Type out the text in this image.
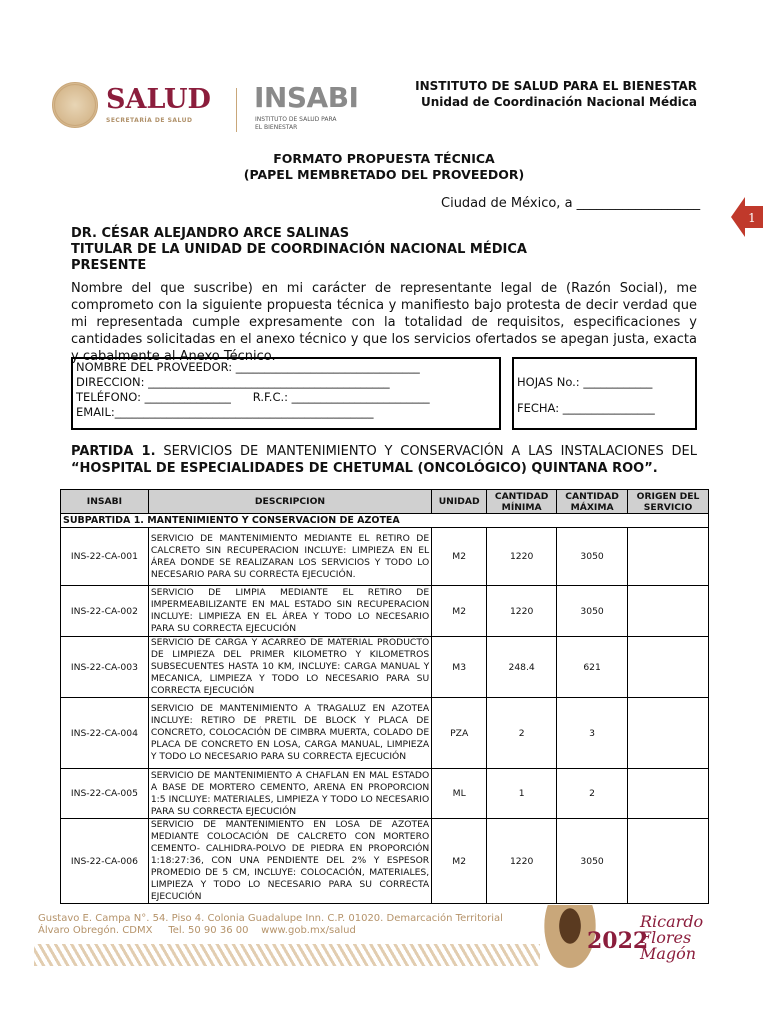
SALUD
SECRETARÍA DE SALUD
INSABI
INSTITUTO DE SALUD PARA EL BIENESTAR
INSTITUTO DE SALUD PARA EL BIENESTAR
Unidad de Coordinación Nacional Médica
FORMATO PROPUESTA TÉCNICA
(PAPEL MEMBRETADO DEL PROVEEDOR)
Ciudad de México, a ___________________
1
DR. CÉSAR ALEJANDRO ARCE SALINAS
TITULAR DE LA UNIDAD DE COORDINACIÓN NACIONAL MÉDICA
PRESENTE
Nombre del que suscribe) en mi carácter de representante legal de (Razón Social), me comprometo con la siguiente propuesta técnica y manifiesto bajo protesta de decir verdad que mi representada cumple expresamente con la totalidad de requisitos, especificaciones y cantidades solicitadas en el anexo técnico y que los servicios ofertados se apegan justa, exacta y cabalmente al Anexo Técnico.
NOMBRE DEL PROVEEDOR: ________________________________
DIRECCION: __________________________________________
TELÉFONO: _______________      R.F.C.: ________________________
EMAIL:_____________________________________________
HOJAS No.: ____________
FECHA: ________________
PARTIDA 1. SERVICIOS DE MANTENIMIENTO Y CONSERVACIÓN A LAS INSTALACIONES DEL “HOSPITAL DE ESPECIALIDADES DE CHETUMAL (ONCOLÓGICO) QUINTANA ROO”.
INSABI	DESCRIPCION	UNIDAD	CANTIDAD MÍNIMA	CANTIDAD MÁXIMA	ORIGEN DEL SERVICIO
SUBPARTIDA 1. MANTENIMIENTO Y CONSERVACION DE AZOTEA					
INS-22-CA-001	SERVICIO DE MANTENIMIENTO MEDIANTE EL RETIRO DE CALCRETO SIN RECUPERACION INCLUYE: LIMPIEZA EN EL ÁREA DONDE SE REALIZARAN LOS SERVICIOS Y TODO LO NECESARIO PARA SU CORRECTA EJECUCIÓN.	M2	1220	3050	
INS-22-CA-002	SERVICIO DE LIMPIA MEDIANTE EL RETIRO DE IMPERMEABILIZANTE EN MAL ESTADO SIN RECUPERACION INCLUYE: LIMPIEZA EN EL ÁREA Y TODO LO NECESARIO PARA SU CORRECTA EJECUCIÓN	M2	1220	3050	
INS-22-CA-003	SERVICIO DE CARGA Y ACARREO DE MATERIAL PRODUCTO DE LIMPIEZA DEL PRIMER KILOMETRO Y KILOMETROS SUBSECUENTES HASTA 10 KM, INCLUYE: CARGA MANUAL Y MECANICA, LIMPIEZA Y TODO LO NECESARIO PARA SU CORRECTA EJECUCIÓN	M3	248.4	621	
INS-22-CA-004	SERVICIO DE MANTENIMIENTO A TRAGALUZ EN AZOTEA INCLUYE: RETIRO DE PRETIL DE BLOCK Y PLACA DE CONCRETO, COLOCACIÓN DE CIMBRA MUERTA, COLADO DE PLACA DE CONCRETO EN LOSA, CARGA MANUAL, LIMPIEZA Y TODO LO NECESARIO PARA SU CORRECTA EJECUCIÓN	PZA	2	3	
INS-22-CA-005	SERVICIO DE MANTENIMIENTO A CHAFLAN EN MAL ESTADO A BASE DE MORTERO CEMENTO, ARENA EN PROPORCION 1:5 INCLUYE: MATERIALES, LIMPIEZA Y TODO LO NECESARIO PARA SU CORRECTA EJECUCIÓN	ML	1	2	
INS-22-CA-006	SERVICIO DE MANTENIMIENTO EN LOSA DE AZOTEA MEDIANTE COLOCACIÓN DE CALCRETO CON MORTERO CEMENTO- CALHIDRA-POLVO DE PIEDRA EN PROPORCIÓN 1:18:27:36, CON UNA PENDIENTE DEL 2% Y ESPESOR PROMEDIO DE 5 CM, INCLUYE: COLOCACIÓN, MATERIALES, LIMPIEZA Y TODO LO NECESARIO PARA SU CORRECTA EJECUCIÓN	M2	1220	3050	
Gustavo E. Campa N°. 54. Piso 4. Colonia Guadalupe Inn. C.P. 01020. Demarcación Territorial
Álvaro Obregón. CDMX     Tel. 50 90 36 00    www.gob.mx/salud	2022
Ricardo Flores Magón
